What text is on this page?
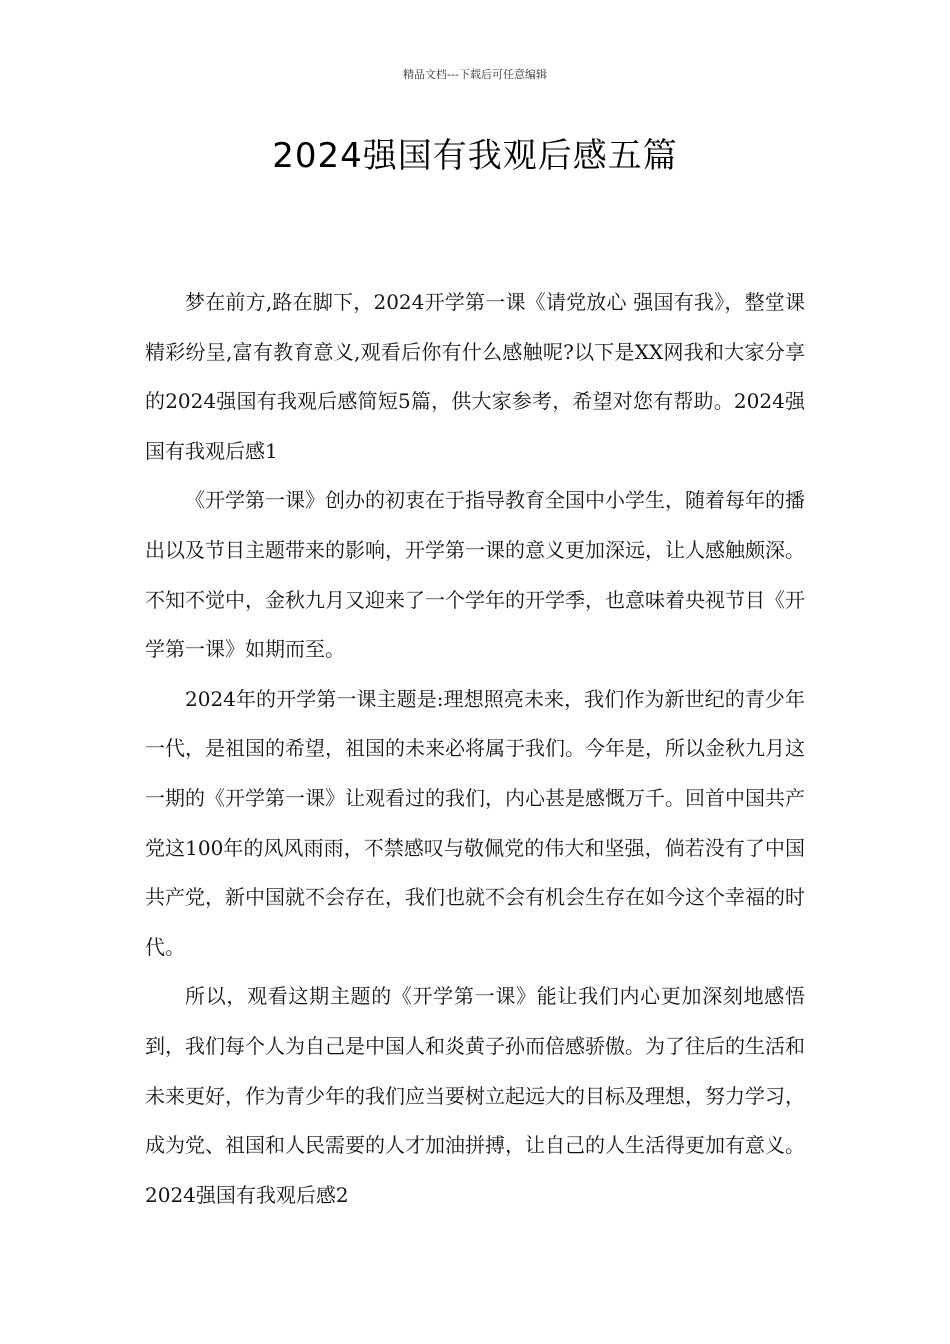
精品文档---下载后可任意编辑
2024强国有我观后感五篇

梦在前方,路在脚下，2024开学第一课《请党放心 强国有我》，整堂课精彩纷呈,富有教育意义,观看后你有什么感触呢?以下是XX网我和大家分享的2024强国有我观后感简短5篇，供大家参考，希望对您有帮助。2024强国有我观后感1

《开学第一课》创办的初衷在于指导教育全国中小学生，随着每年的播出以及节目主题带来的影响，开学第一课的意义更加深远，让人感触颇深。不知不觉中，金秋九月又迎来了一个学年的开学季，也意味着央视节目《开学第一课》如期而至。

2024年的开学第一课主题是:理想照亮未来，我们作为新世纪的青少年一代，是祖国的希望，祖国的未来必将属于我们。今年是，所以金秋九月这一期的《开学第一课》让观看过的我们，内心甚是感慨万千。回首中国共产党这100年的风风雨雨，不禁感叹与敬佩党的伟大和坚强，倘若没有了中国共产党，新中国就不会存在，我们也就不会有机会生存在如今这个幸福的时代。

所以，观看这期主题的《开学第一课》能让我们内心更加深刻地感悟到，我们每个人为自己是中国人和炎黄子孙而倍感骄傲。为了往后的生活和未来更好，作为青少年的我们应当要树立起远大的目标及理想，努力学习，成为党、祖国和人民需要的人才加油拼搏，让自己的人生活得更加有意义。2024强国有我观后感2
